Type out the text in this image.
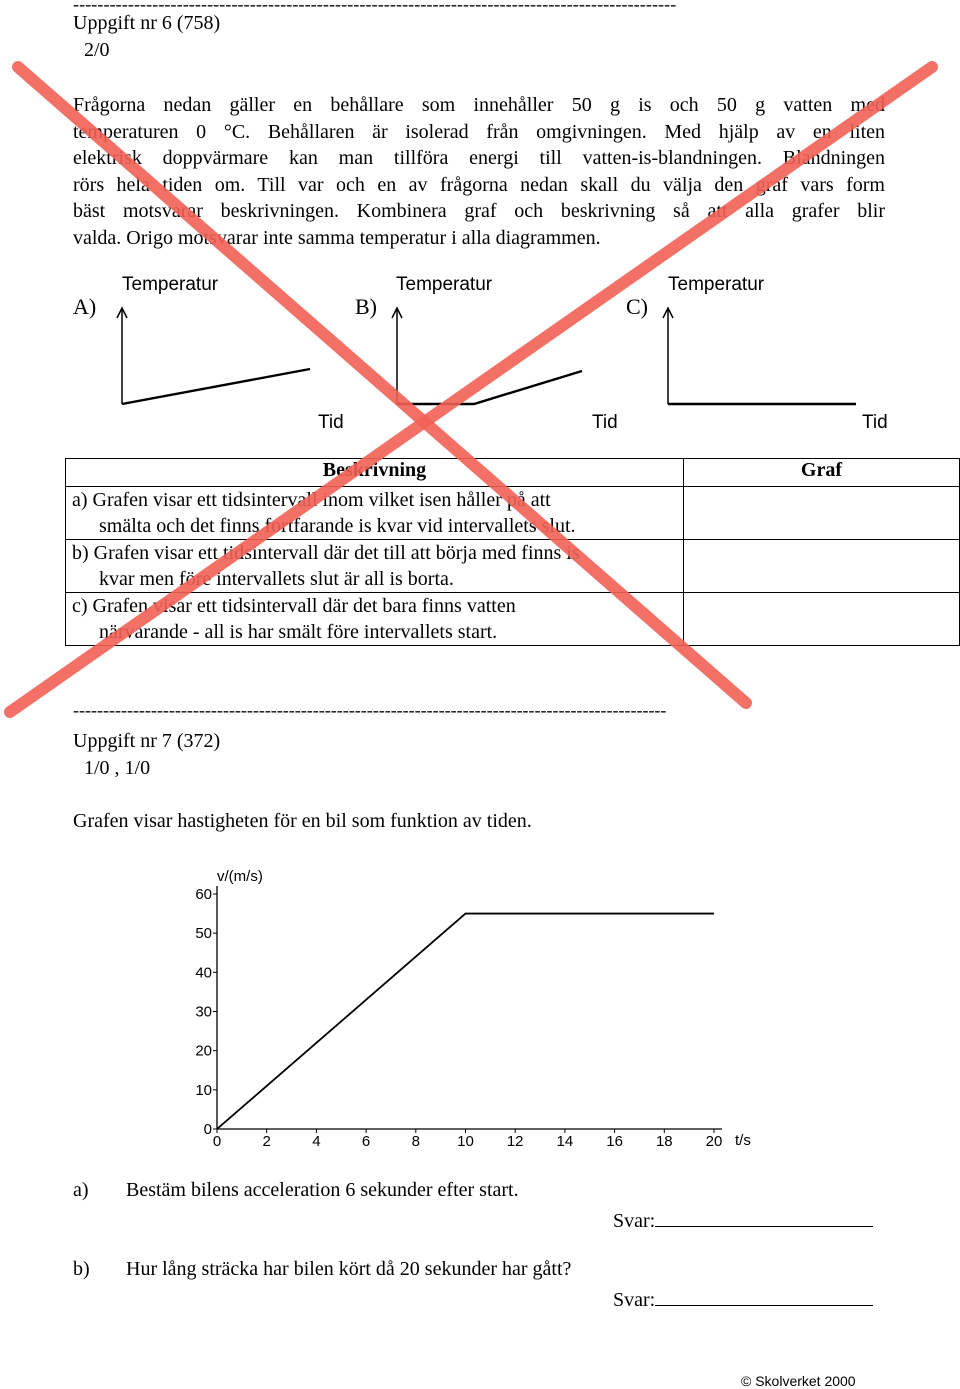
---------------------------------------------------------------------------------------------------
Uppgift nr 6 (758)
2/0
Frågorna nedan gäller en behållare som innehåller 50 g is och 50 g vatten med
temperaturen 0 °C. Behållaren är isolerad från omgivningen. Med hjälp av en liten
elektrisk doppvärmare kan man tillföra energi till vatten-is-blandningen. Blandningen
rörs hela tiden om. Till var och en av frågorna nedan skall du välja den graf vars form
bäst motsvarar beskrivningen. Kombinera graf och beskrivning så att alla grafer blir
valda. Origo motsvarar inte samma temperatur i alla diagrammen.
A)
Temperatur
Tid
B)
Temperatur
Tid
C)
Temperatur
Tid
Beskrivning	Graf

a) Grafen visar ett tidsintervall inom vilket isen håller på att
smälta och det finns fortfarande is kvar vid intervallets slut.	

b) Grafen visar ett tidsintervall där det till att börja med finns is
kvar men före intervallets slut är all is borta.	

c) Grafen visar ett tidsintervall där det bara finns vatten
närvarande - all is har smält före intervallets start.	

---------------------------------------------------------------------------------------------------
Uppgift nr 7 (372)
1/0 , 1/0
Grafen visar hastigheten för en bil som funktion av tiden.
0
10
20
30
40
50
60
0	2	4	6	8 10 12 14 16 18 20
v/(m/s)
t/s
a) Bestäm bilens acceleration 6 sekunder efter start.
Svar:
b) Hur lång sträcka har bilen kört då 20 sekunder har gått?
Svar:
© Skolverket 2000
